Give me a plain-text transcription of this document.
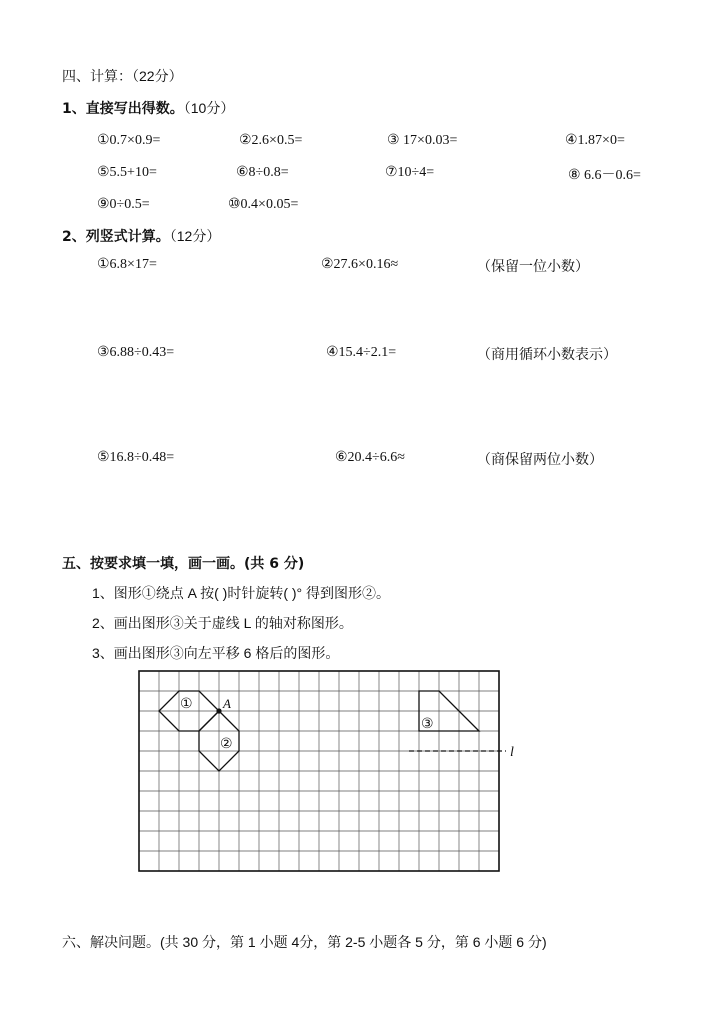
四、计算：（22分）
1、直接写出得数。（10分）
①0.7×0.9=	②2.6×0.5=	③ 17×0.03=	④1.87×0=
⑤5.5+10=	⑥8÷0.8=	⑦10÷4=	⑧ 6.6－0.6=
⑨0÷0.5=	⑩0.4×0.05=
2、列竖式计算。（12分）
①6.8×17=	②27.6×0.16≈	（保留一位小数）
③6.88÷0.43=	④15.4÷2.1=	（商用循环小数表示）
⑤16.8÷0.48=	⑥20.4÷6.6≈	（商保留两位小数）
五、按要求填一填，画一画。(共 6 分)
1、图形①绕点 A 按( )时针旋转( )° 得到图形②。
2、画出图形③关于虚线 L 的轴对称图形。
3、画出图形③向左平移 6 格后的图形。
A
①
②
③
l
六、解决问题。(共 30 分，第 1 小题 4分，第 2-5 小题各 5 分，第 6 小题 6 分)
